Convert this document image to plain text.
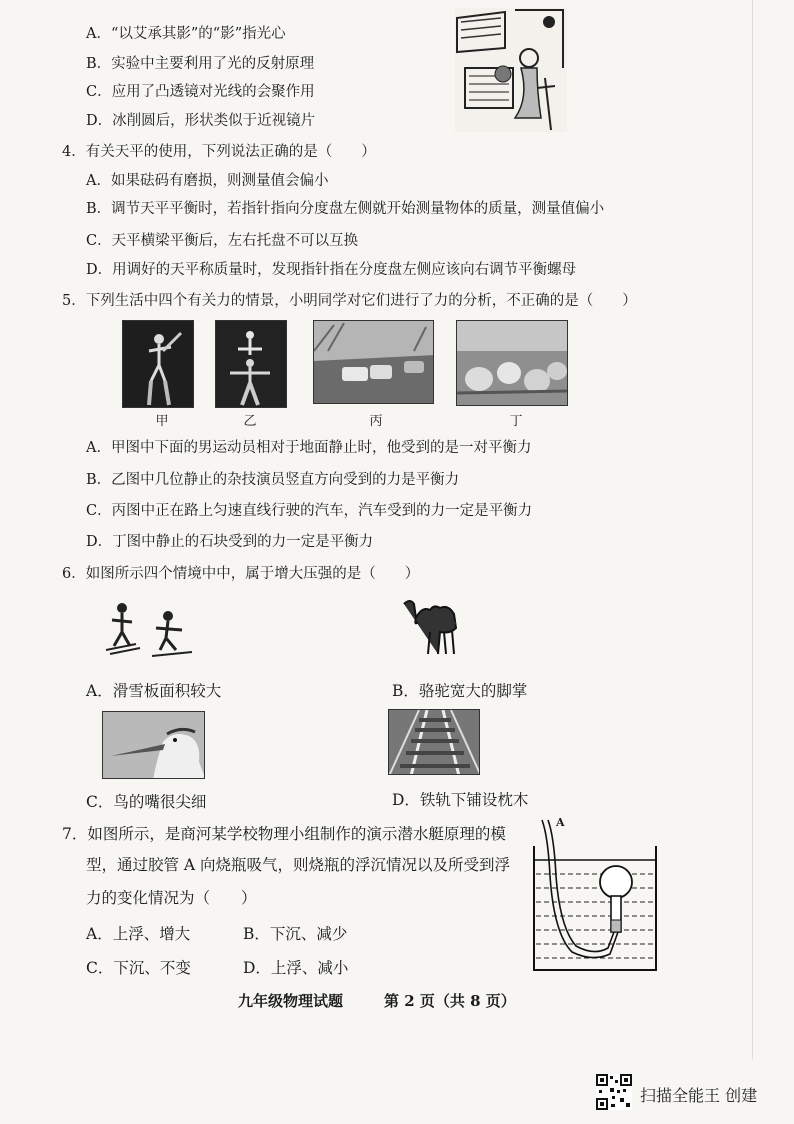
A．“以艾承其影”的“影”指光心
B．实验中主要利用了光的反射原理
C．应用了凸透镜对光线的会聚作用
D．冰削圆后，形状类似于近视镜片
4．有关天平的使用，下列说法正确的是（　　）
A．如果砝码有磨损，则测量值会偏小
B．调节天平平衡时，若指针指向分度盘左侧就开始测量物体的质量，测量值偏小
C．天平横梁平衡后，左右托盘不可以互换
D．用调好的天平称质量时，发现指针指在分度盘左侧应该向右调节平衡螺母
5．下列生活中四个有关力的情景，小明同学对它们进行了力的分析，不正确的是（　　）
甲	乙	丙	丁
A．甲图中下面的男运动员相对于地面静止时，他受到的是一对平衡力
B．乙图中几位静止的杂技演员竖直方向受到的力是平衡力
C．丙图中正在路上匀速直线行驶的汽车，汽车受到的力一定是平衡力
D．丁图中静止的石块受到的力一定是平衡力
6．如图所示四个情境中中，属于增大压强的是（　　）
A．滑雪板面积较大	B．骆驼宽大的脚掌
C．鸟的嘴很尖细	D．铁轨下铺设枕木
7．如图所示，是商河某学校物理小组制作的演示潜水艇原理的模
型，通过胶管 A 向烧瓶吸气，则烧瓶的浮沉情况以及所受到浮
力的变化情况为（　　）
A．上浮、增大	B．下沉、减少
C．下沉、不变	D．上浮、减小
A
九年级物理试题	第 2 页（共 8 页）
扫描全能王 创建
